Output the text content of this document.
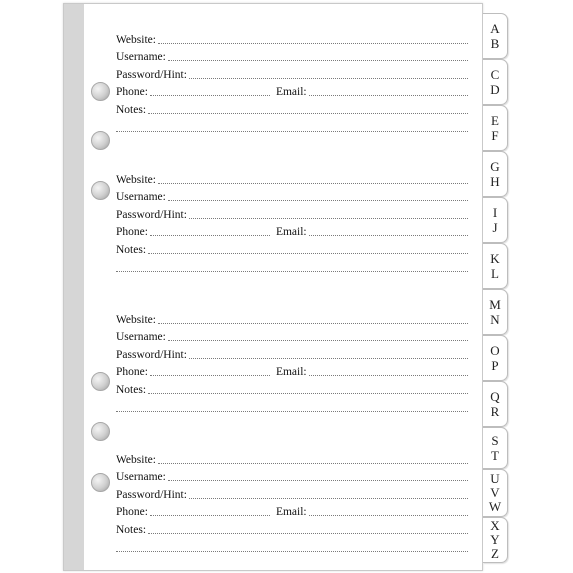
Website:
Username:
Password/Hint:
Phone:	Email:
Notes:
Website:
Username:
Password/Hint:
Phone:	Email:
Notes:
Website:
Username:
Password/Hint:
Phone:	Email:
Notes:
Website:
Username:
Password/Hint:
Phone:	Email:
Notes:
A
B
C
D
E
F
G
H
I
J
K
L
M
N
O
P
Q
R
S
T
U
V
W
X
Y
Z
